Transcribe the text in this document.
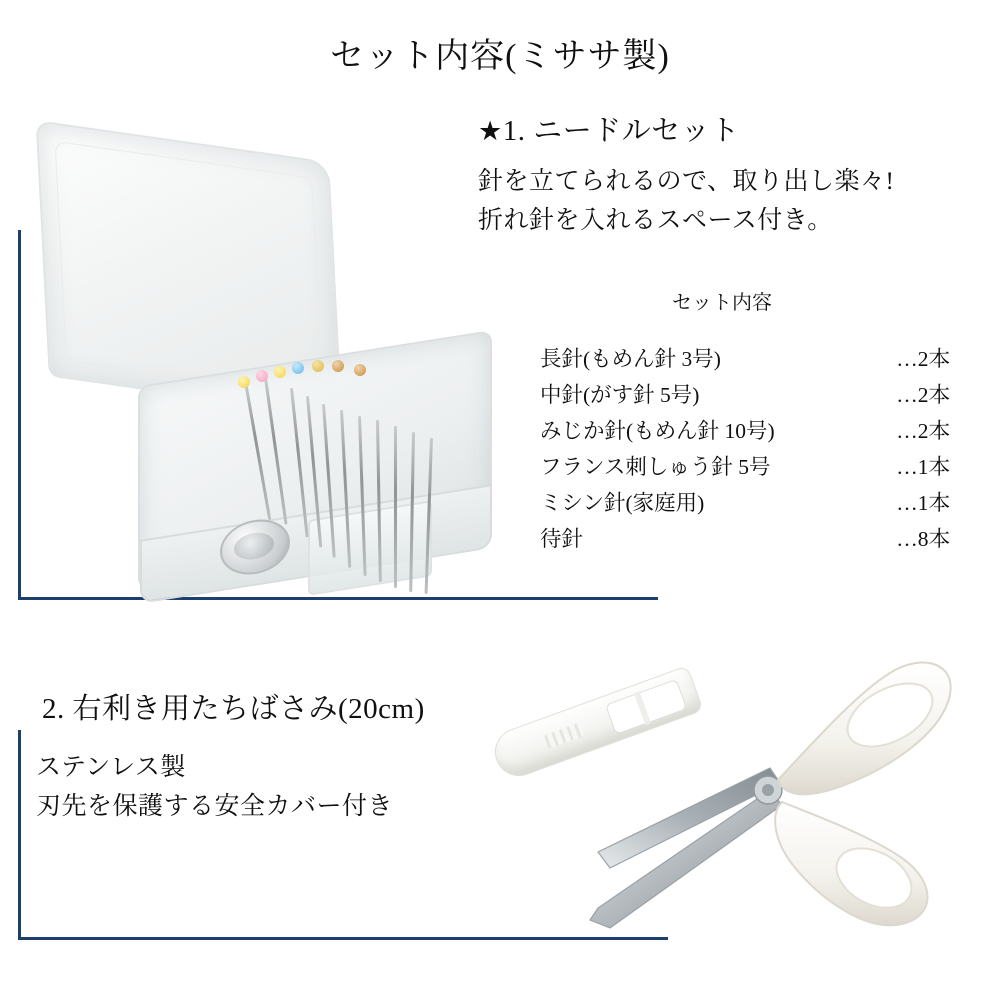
セット内容(ミササ製)
★1. ニードルセット
針を立てられるので、取り出し楽々!
折れ針を入れるスペース付き。
セット内容
長針(もめん針 3号)	…2本
中針(がす針 5号)	…2本
みじか針(もめん針 10号)	…2本
フランス刺しゅう針 5号	…1本
ミシン針(家庭用)	…1本
待針	…8本
2. 右利き用たちばさみ(20cm)
ステンレス製
刃先を保護する安全カバー付き
